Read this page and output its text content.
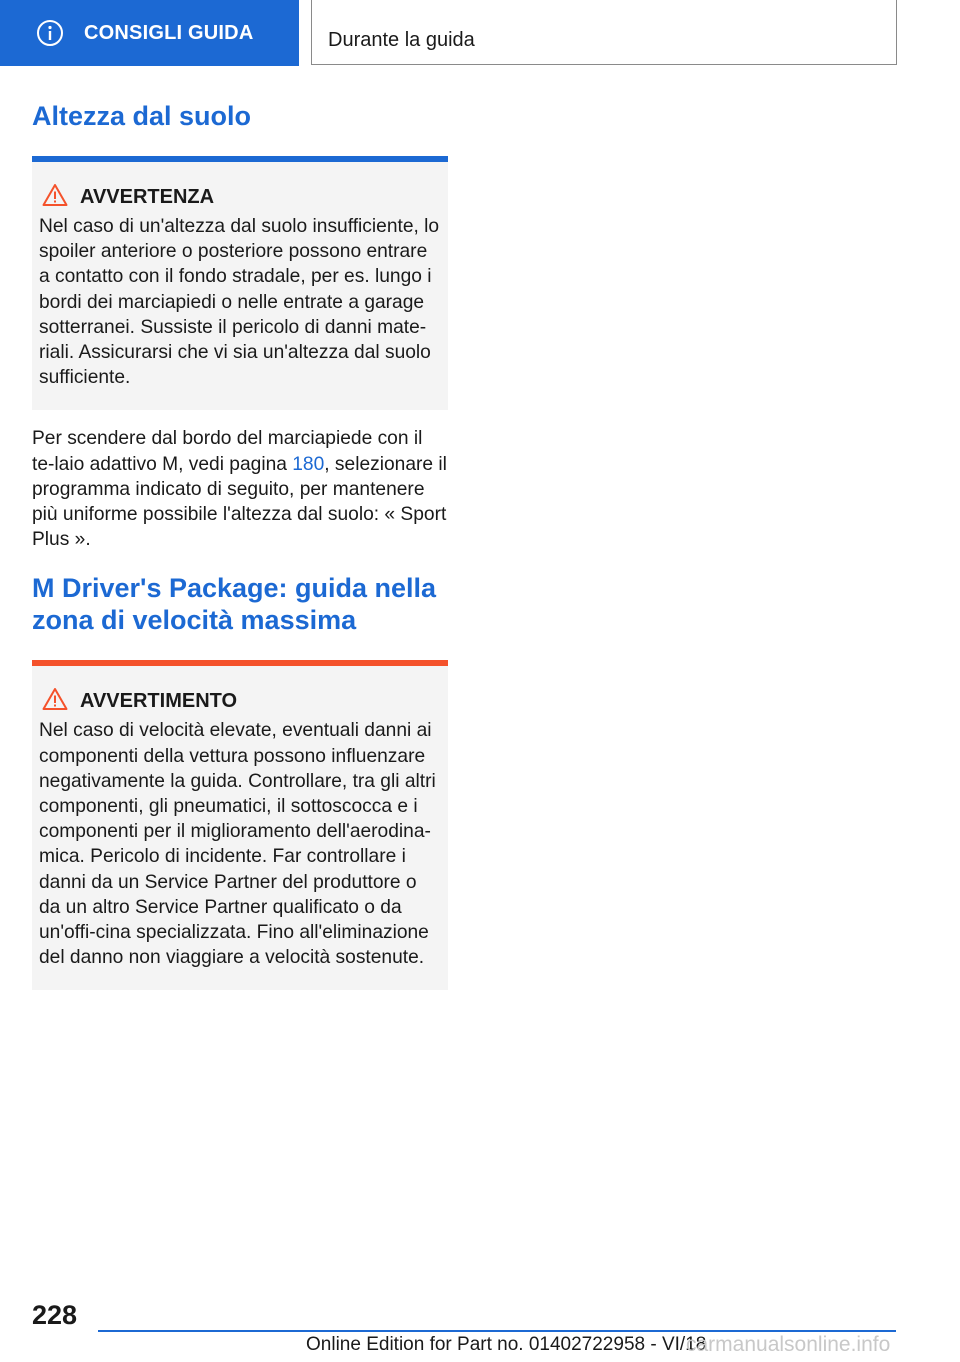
CONSIGLI GUIDA	Durante la guida
Altezza dal suolo
AVVERTENZA
Nel caso di un'altezza dal suolo insufficiente, lo spoiler anteriore o posteriore possono entrare a contatto con il fondo stradale, per es. lungo i bordi dei marciapiedi o nelle entrate a garage sotterranei. Sussiste il pericolo di danni mate-riali. Assicurarsi che vi sia un'altezza dal suolo sufficiente.

Per scendere dal bordo del marciapiede con il te-laio adattivo M, vedi pagina 180, selezionare il programma indicato di seguito, per mantenere più uniforme possibile l'altezza dal suolo: « Sport Plus ».

M Driver's Package: guida nella
zona di velocità massima
AVVERTIMENTO
Nel caso di velocità elevate, eventuali danni ai componenti della vettura possono influenzare negativamente la guida. Controllare, tra gli altri componenti, gli pneumatici, il sottoscocca e i componenti per il miglioramento dell'aerodina-mica. Pericolo di incidente. Far controllare i danni da un Service Partner del produttore o da un altro Service Partner qualificato o da un'offi-cina specializzata. Fino all'eliminazione del danno non viaggiare a velocità sostenute.
228
Online Edition for Part no. 01402722958 - VI/18
carmanualsonline.info
